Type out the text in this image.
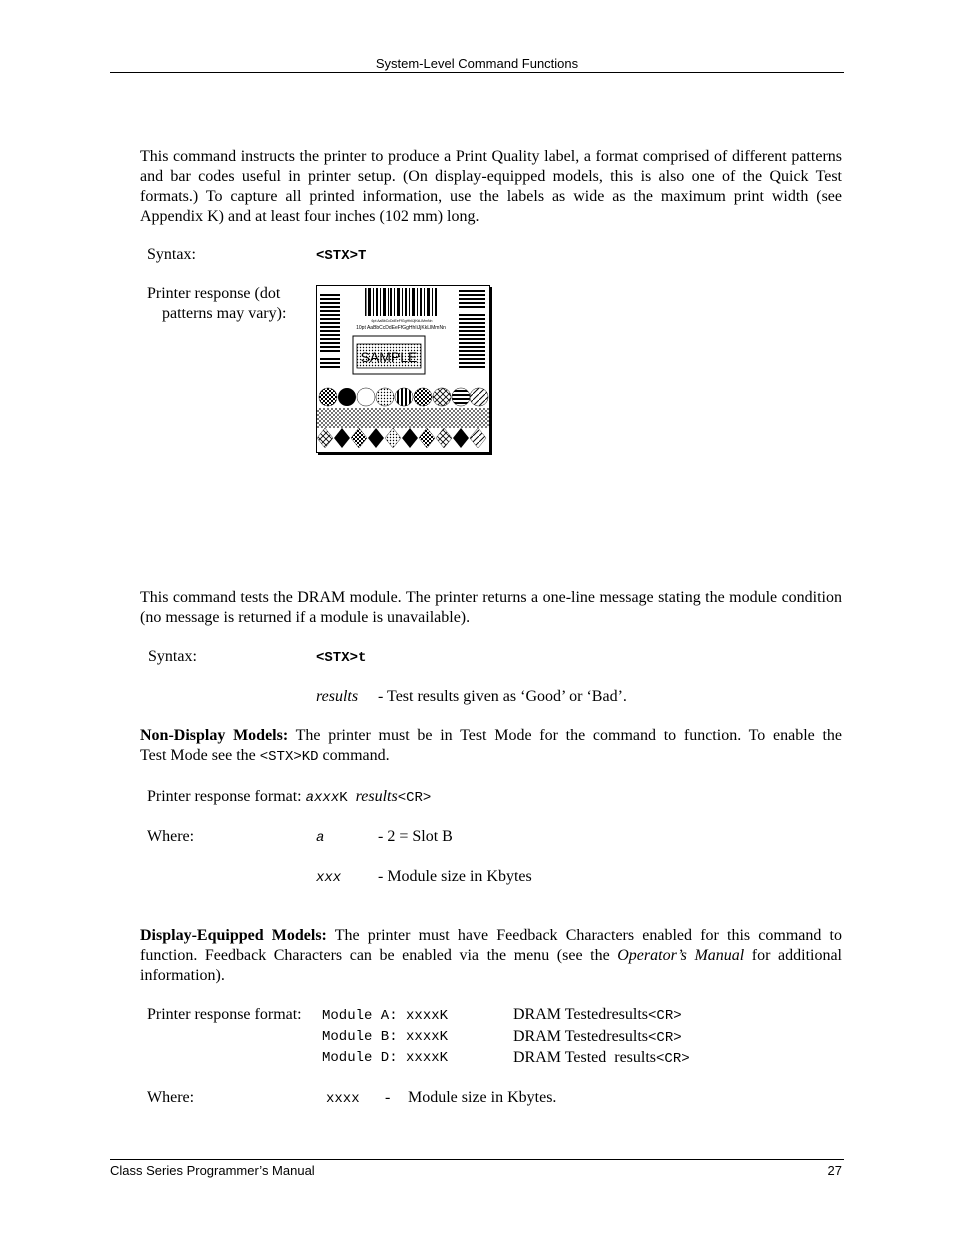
System-Level Command Functions
This command instructs the printer to produce a Print Quality label, a format comprised of different patterns and bar codes useful in printer setup. (On display-equipped models, this is also one of the Quick Test formats.) To capture all printed information, use the labels as wide as the maximum print width (see Appendix K) and at least four inches (102 mm) long.
Syntax:	<STX>T
Printer response (dot
patterns may vary):	6pt AaBbCcDdEeFfGgHhIiJjKkLlMmNn
10pt AaBbCcDdEeFfGgHhIiJjKkLlMmNn
SAMPLE
This command tests the DRAM module. The printer returns a one-line message stating the module condition (no message is returned if a module is unavailable).
Syntax:	<STX>t
results - Test results given as ‘Good’ or ‘Bad’.
Non-Display Models: The printer must be in Test Mode for the command to function. To enable the
Test Mode see the <STX>KD command.
Printer response format: axxxK results<CR>
Where:	a	- 2 = Slot B
xxx - Module size in Kbytes
Display-Equipped Models: The printer must have Feedback Characters enabled for this command to
function. Feedback Characters can be enabled via the menu (see the Operator’s Manual for additional
information).
Printer response format: Module A: xxxxK	DRAM Testedresults<CR>
Module B: xxxxK	DRAM Testedresults<CR>
Module D: xxxxK	DRAM Tested  results<CR>
Where:	xxxx - Module size in Kbytes.
Class Series Programmer’s Manual	27
